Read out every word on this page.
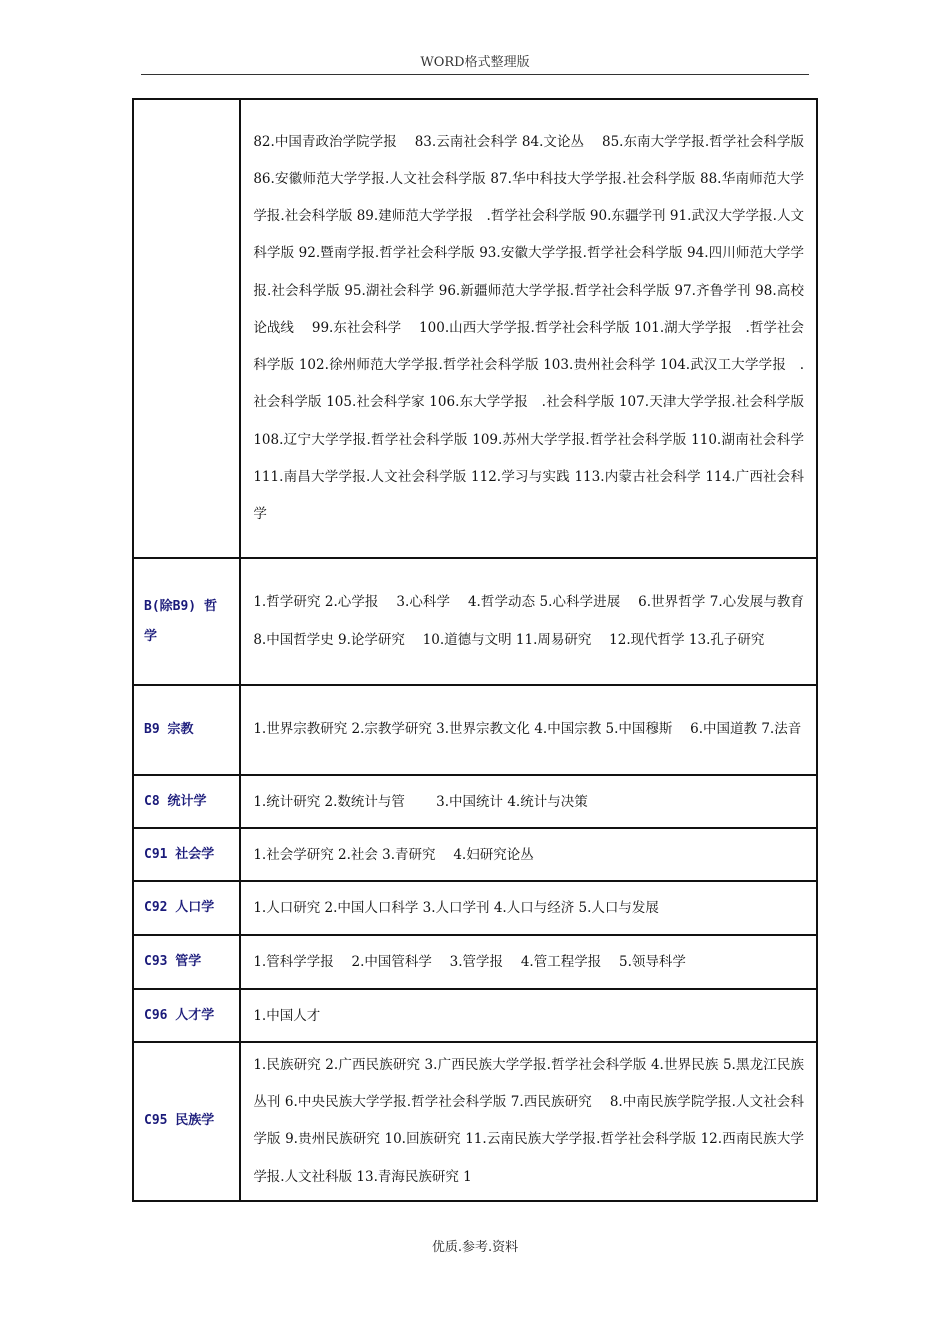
WORD格式整理版
	82.中国青政治学院学报　 83.云南社会科学 84.文论丛　 85.东南大学学报.哲学社会科学版 86.安徽师范大学学报.人文社会科学版 87.华中科技大学学报.社会科学版 88.华南师范大学学报.社会科学版 89.建师范大学学报　.哲学社会科学版 90.东疆学刊 91.武汉大学学报.人文科学版 92.暨南学报.哲学社会科学版 93.安徽大学学报.哲学社会科学版 94.四川师范大学学报.社会科学版 95.湖社会科学 96.新疆师范大学学报.哲学社会科学版 97.齐鲁学刊 98.高校论战线　 99.东社会科学　 100.山西大学学报.哲学社会科学版 101.湖大学学报　.哲学社会科学版 102.徐州师范大学学报.哲学社会科学版 103.贵州社会科学 104.武汉工大学学报　.社会科学版 105.社会科学家 106.东大学学报　.社会科学版 107.天津大学学报.社会科学版 108.辽宁大学学报.哲学社会科学版 109.苏州大学学报.哲学社会科学版 110.湖南社会科学 111.南昌大学学报.人文社会科学版 112.学习与实践 113.内蒙古社会科学 114.广西社会科学
B(除B9) 哲学	1.哲学研究 2.心学报　 3.心科学　 4.哲学动态 5.心科学进展　 6.世界哲学 7.心发展与教育　 8.中国哲学史 9.论学研究　 10.道德与文明 11.周易研究　 12.现代哲学 13.孔子研究
B9 宗教	1.世界宗教研究 2.宗教学研究 3.世界宗教文化 4.中国宗教 5.中国穆斯　 6.中国道教 7.法音
C8 统计学	1.统计研究 2.数统计与管　　 3.中国统计 4.统计与决策
C91 社会学	1.社会学研究 2.社会 3.青研究　 4.妇研究论丛
C92 人口学	1.人口研究 2.中国人口科学 3.人口学刊 4.人口与经济 5.人口与发展
C93 管学	1.管科学学报　 2.中国管科学　 3.管学报　 4.管工程学报　 5.领导科学
C96 人才学	1.中国人才
C95 民族学	1.民族研究 2.广西民族研究 3.广西民族大学学报.哲学社会科学版 4.世界民族 5.黑龙江民族丛刊 6.中央民族大学学报.哲学社会科学版 7.西民族研究　 8.中南民族学院学报.人文社会科学版 9.贵州民族研究 10.回族研究 11.云南民族大学学报.哲学社会科学版 12.西南民族大学学报.人文社科版 13.青海民族研究 1
优质.参考.资料
